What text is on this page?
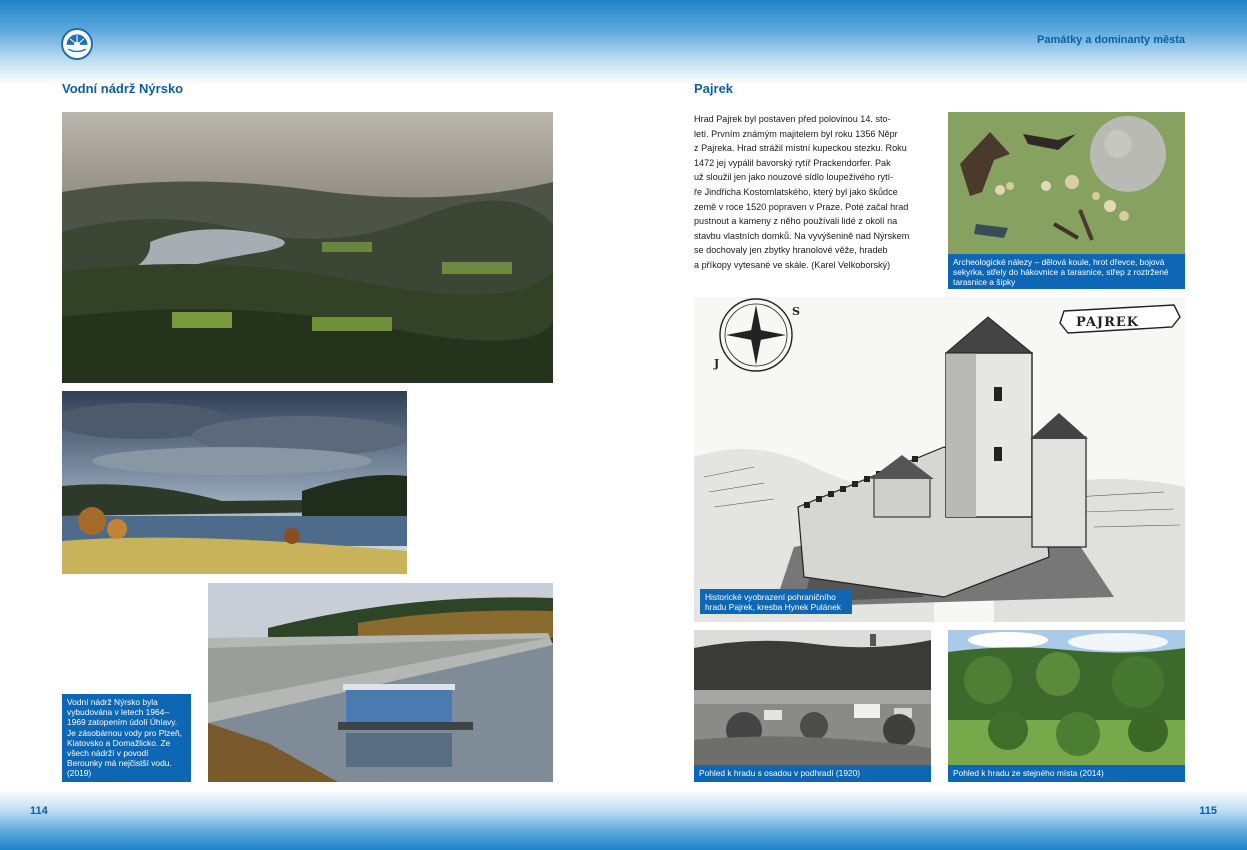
Památky a dominanty města
Vodní nádrž Nýrsko
Vodní nádrž Nýrsko byla vybudována v letech 1964–1969 zatopením údolí Úhlavy. Je zásobárnou vody pro Plzeň, Klatovsko a Domažlicko. Ze všech nádrží v povodí Berounky má nejčistší vodu. (2019)
114
Pajrek

Hrad Pajrek byl postaven před polovinou 14. sto-

letí. Prvním známým majitelem byl roku 1356 Něpr

z Pajreka. Hrad strážil místní kupeckou stezku. Roku

1472 jej vypálil bavorský rytíř Prackendorfer. Pak

už sloužil jen jako nouzové sídlo loupeživého rytí-

ře Jindřicha Kostomlatského, který byl jako škůdce

země v roce 1520 popraven v Praze. Poté začal hrad

pustnout a kameny z něho používali lidé z okolí na

stavbu vlastních domků. Na vyvýšenině nad Nýrskem

se dochovaly jen zbytky hranolové věže, hradeb

a příkopy vytesané ve skále. (Karel Velkoborský)	Archeologické nálezy – dělová koule, hrot dřevce, bojová sekyrka, střely do hákovnice a tarasnice, střep z roztržené tarasnice a šipky
S
J
PAJREK
Historické vyobrazení pohraničního hradu Pajrek, kresba Hynek Pulánek
Pohled k hradu s osadou v podhradí (1920)	Pohled k hradu ze stejného místa (2014)
115
